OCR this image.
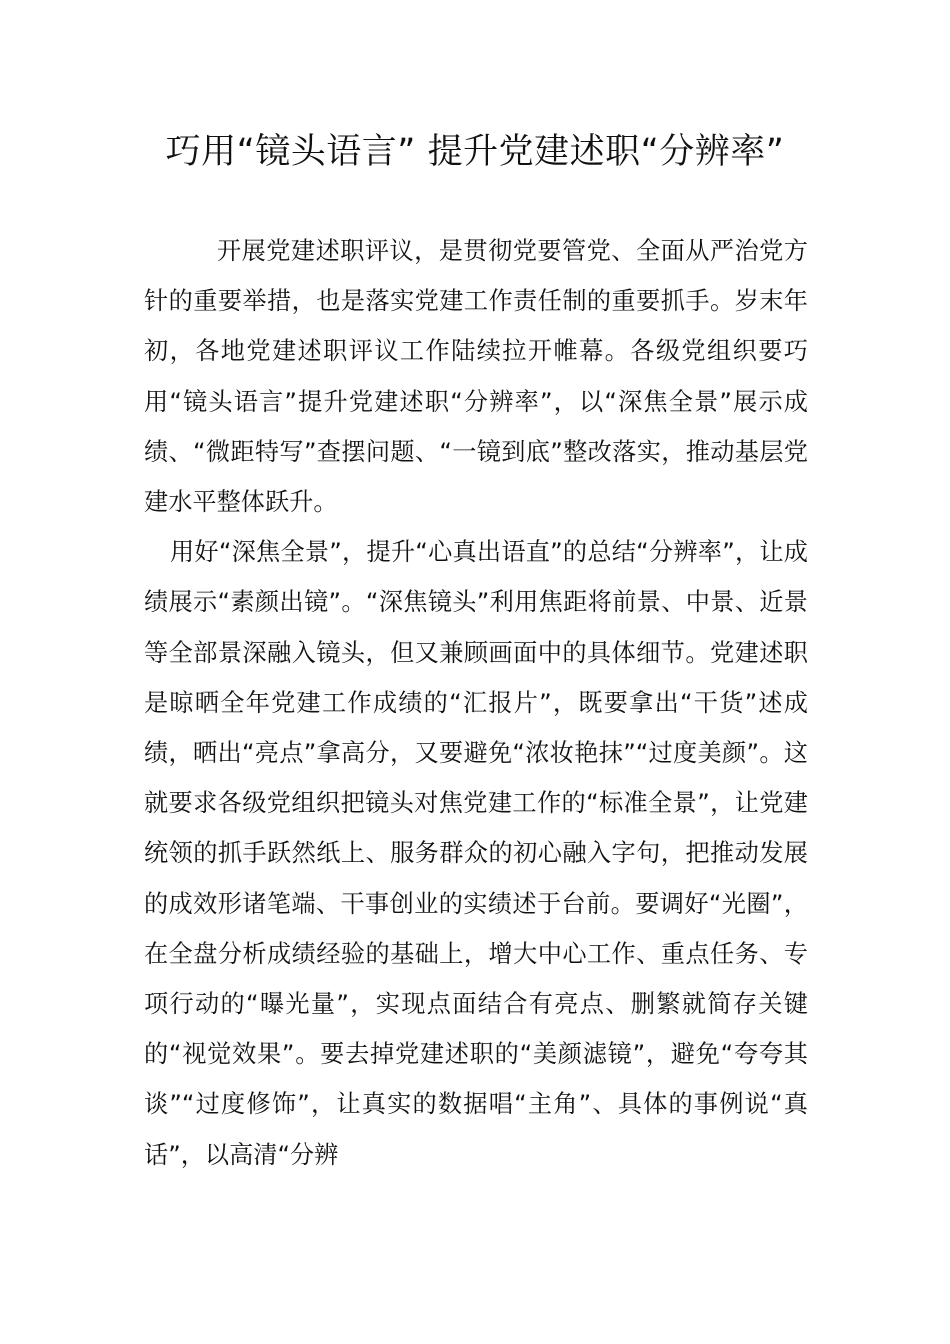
巧用“镜头语言” 提升党建述职“分辨率”

开展党建述职评议，是贯彻党要管党、全面从严治党方针的重要举措，也是落实党建工作责任制的重要抓手。岁末年初，各地党建述职评议工作陆续拉开帷幕。各级党组织要巧用“镜头语言”提升党建述职“分辨率”，以“深焦全景”展示成绩、“微距特写”查摆问题、“一镜到底”整改落实，推动基层党建水平整体跃升。

用好“深焦全景”，提升“心真出语直”的总结“分辨率”，让成绩展示“素颜出镜”。“深焦镜头”利用焦距将前景、中景、近景等全部景深融入镜头，但又兼顾画面中的具体细节。党建述职是晾晒全年党建工作成绩的“汇报片”，既要拿出“干货”述成绩，晒出“亮点”拿高分，又要避免“浓妆艳抹”“过度美颜”。这就要求各级党组织把镜头对焦党建工作的“标准全景”，让党建统领的抓手跃然纸上、服务群众的初心融入字句，把推动发展的成效形诸笔端、干事创业的实绩述于台前。要调好“光圈”，在全盘分析成绩经验的基础上，增大中心工作、重点任务、专项行动的“曝光量”，实现点面结合有亮点、删繁就简存关键的“视觉效果”。要去掉党建述职的“美颜滤镜”，避免“夸夸其谈”“过度修饰”，让真实的数据唱“主角”、具体的事例说“真话”，以高清“分辨
